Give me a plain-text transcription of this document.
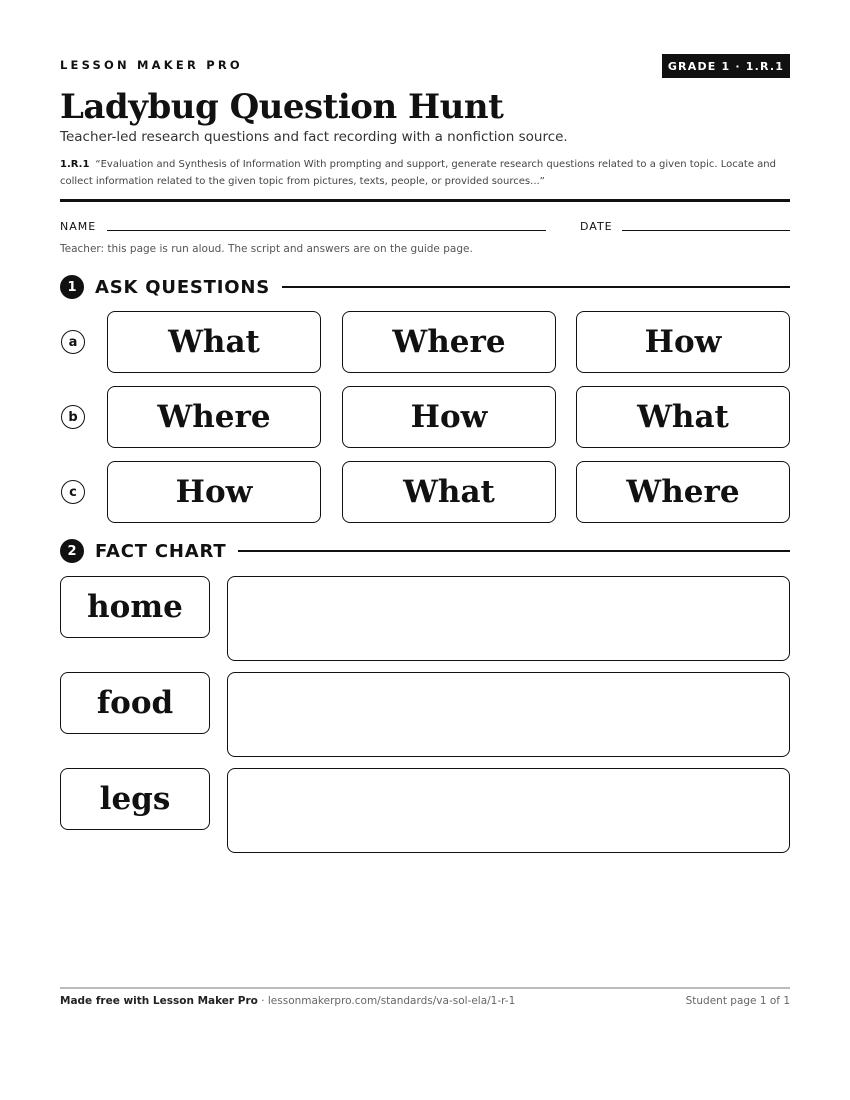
LESSON MAKER PRO	GRADE 1 · 1.R.1
Ladybug Question Hunt
Teacher-led research questions and fact recording with a nonfiction source.
1.R.1 “Evaluation and Synthesis of Information With prompting and support, generate research questions related to a given topic. Locate and collect information related to the given topic from pictures, texts, people, or provided sources...”
NAME	DATE
Teacher: this page is run aloud. The script and answers are on the guide page.
1	ASK QUESTIONS
a	What	Where	How
b	Where	How	What
c	How	What	Where
2	FACT CHART
home
food
legs
Made free with Lesson Maker Pro · lessonmakerpro.com/standards/va-sol-ela/1-r-1	Student page 1 of 1
